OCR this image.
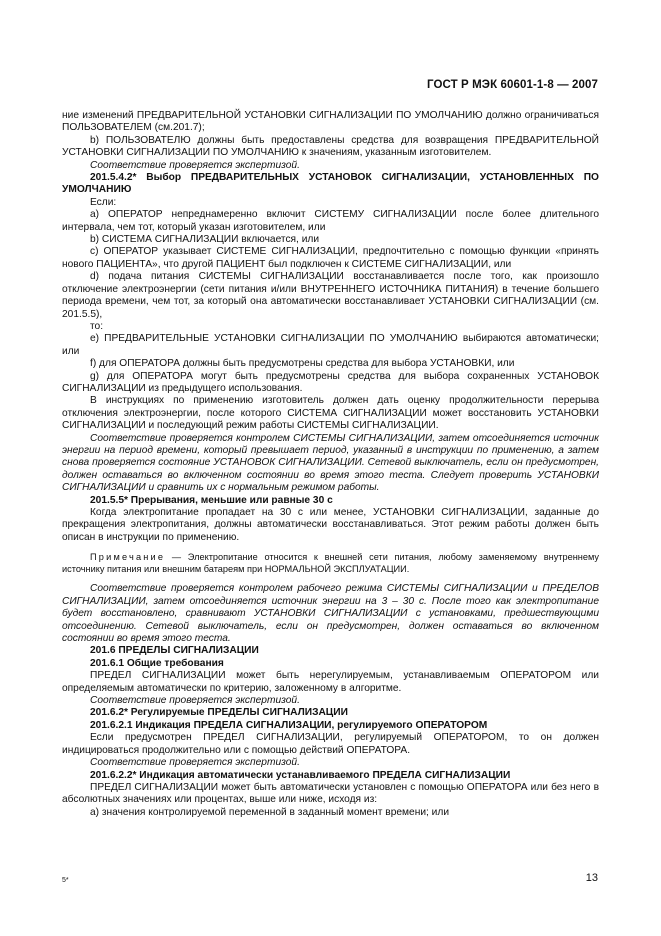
ГОСТ Р МЭК 60601-1-8 — 2007

ние изменений ПРЕДВАРИТЕЛЬНОЙ УСТАНОВКИ СИГНАЛИЗАЦИИ ПО УМОЛЧАНИЮ должно ограничиваться ПОЛЬЗОВАТЕЛЕМ (см.201.7);

b) ПОЛЬЗОВАТЕЛЮ должны быть предоставлены средства для возвращения ПРЕДВАРИТЕЛЬНОЙ УСТАНОВКИ СИГНАЛИЗАЦИИ ПО УМОЛЧАНИЮ к значениям, указанным изготовителем.

Соответствие проверяется экспертизой.

201.5.4.2* Выбор ПРЕДВАРИТЕЛЬНЫХ УСТАНОВОК СИГНАЛИЗАЦИИ, УСТАНОВЛЕННЫХ ПО УМОЛЧАНИЮ

Если:

а) ОПЕРАТОР непреднамеренно включит СИСТЕМУ СИГНАЛИЗАЦИИ после более длительного интервала, чем тот, который указан изготовителем, или

b) СИСТЕМА СИГНАЛИЗАЦИИ включается, или

c) ОПЕРАТОР указывает СИСТЕМЕ СИГНАЛИЗАЦИИ, предпочтительно с помощью функции «принять нового ПАЦИЕНТА», что другой ПАЦИЕНТ был подключен к СИСТЕМЕ СИГНАЛИЗАЦИИ, или

d) подача питания СИСТЕМЫ СИГНАЛИЗАЦИИ восстанавливается после того, как произошло отключение электроэнергии (сети питания и/или ВНУТРЕННЕГО ИСТОЧНИКА ПИТАНИЯ) в течение большего периода времени, чем тот, за который она автоматически восстанавливает УСТАНОВКИ СИГНАЛИЗАЦИИ (см. 201.5.5),

то:

e) ПРЕДВАРИТЕЛЬНЫЕ УСТАНОВКИ СИГНАЛИЗАЦИИ ПО УМОЛЧАНИЮ выбираются автоматически; или

f) для ОПЕРАТОРА должны быть предусмотрены средства для выбора УСТАНОВКИ, или

g) для ОПЕРАТОРА могут быть предусмотрены средства для выбора сохраненных УСТАНОВОК СИГНАЛИЗАЦИИ из предыдущего использования.

В инструкциях по применению изготовитель должен дать оценку продолжительности перерыва отключения электроэнергии, после которого СИСТЕМА СИГНАЛИЗАЦИИ может восстановить УСТАНОВКИ СИГНАЛИЗАЦИИ и последующий режим работы СИСТЕМЫ СИГНАЛИЗАЦИИ.

Соответствие проверяется контролем СИСТЕМЫ СИГНАЛИЗАЦИИ, затем отсоединяется источник энергии на период времени, который превышает период, указанный в инструкции по применению, а затем снова проверяется состояние УСТАНОВОК СИГНАЛИЗАЦИИ. Сетевой выключатель, если он предусмотрен, должен оставаться во включенном состоянии во время этого теста. Следует проверить УСТАНОВКИ СИГНАЛИЗАЦИИ и сравнить их с нормальным режимом работы.

201.5.5* Прерывания, меньшие или равные 30 с

Когда электропитание пропадает на 30 с или менее, УСТАНОВКИ СИГНАЛИЗАЦИИ, заданные до прекращения электропитания, должны автоматически восстанавливаться. Этот режим работы должен быть описан в инструкции по применению.

Примечание — Электропитание относится к внешней сети питания, любому заменяемому внутреннему источнику питания или внешним батареям при НОРМАЛЬНОЙ ЭКСПЛУАТАЦИИ.

Соответствие проверяется контролем рабочего режима СИСТЕМЫ СИГНАЛИЗАЦИИ и ПРЕДЕЛОВ СИГНАЛИЗАЦИИ, затем отсоединяется источник энергии на 3 – 30 с. После того как электропитание будет восстановлено, сравнивают УСТАНОВКИ СИГНАЛИЗАЦИИ с установками, предшествующими отсоединению. Сетевой выключатель, если он предусмотрен, должен оставаться во включенном состоянии во время этого теста.

201.6 ПРЕДЕЛЫ СИГНАЛИЗАЦИИ

201.6.1 Общие требования

ПРЕДЕЛ СИГНАЛИЗАЦИИ может быть нерегулируемым, устанавливаемым ОПЕРАТОРОМ или определяемым автоматически по критерию, заложенному в алгоритме.

Соответствие проверяется экспертизой.

201.6.2* Регулируемые ПРЕДЕЛЫ СИГНАЛИЗАЦИИ

201.6.2.1 Индикация ПРЕДЕЛА СИГНАЛИЗАЦИИ, регулируемого ОПЕРАТОРОМ

Если предусмотрен ПРЕДЕЛ СИГНАЛИЗАЦИИ, регулируемый ОПЕРАТОРОМ, то он должен индицироваться продолжительно или с помощью действий ОПЕРАТОРА.

Соответствие проверяется экспертизой.

201.6.2.2* Индикация автоматически устанавливаемого ПРЕДЕЛА СИГНАЛИЗАЦИИ

ПРЕДЕЛ СИГНАЛИЗАЦИИ может быть автоматически установлен с помощью ОПЕРАТОРА или без него в абсолютных значениях или процентах, выше или ниже, исходя из:

а) значения контролируемой переменной в заданный момент времени; или

5*	13
